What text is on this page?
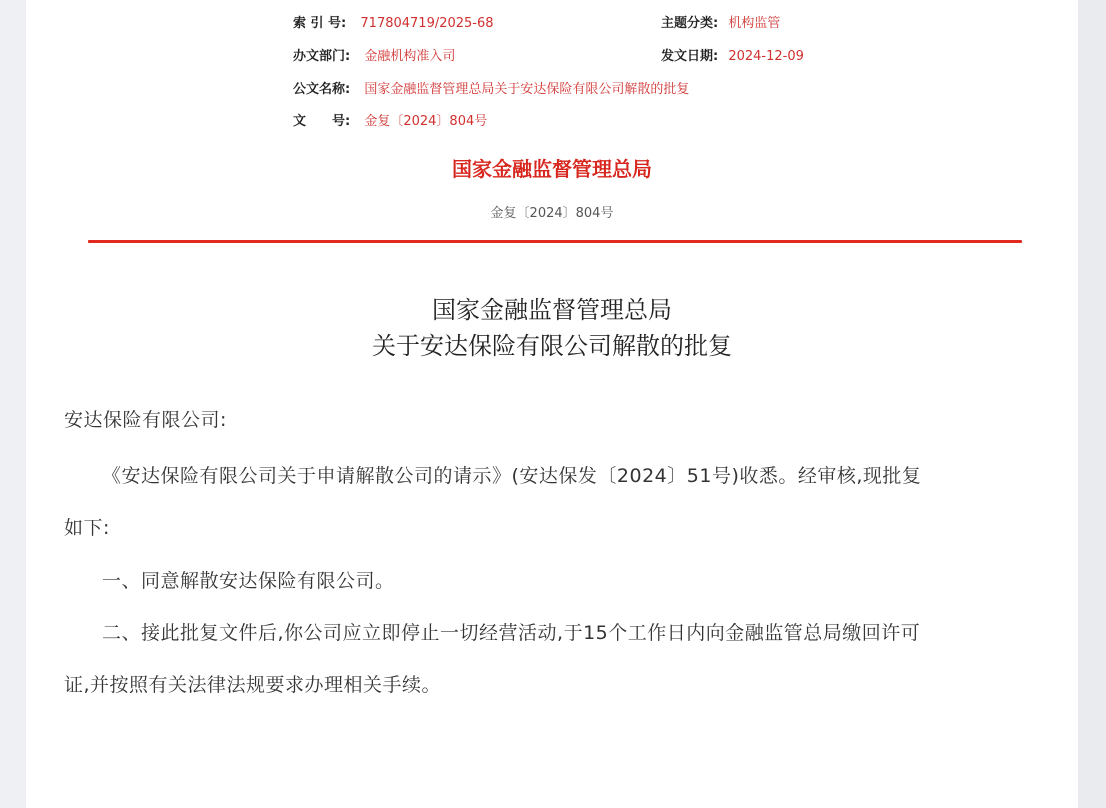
索 引 号: 717804719/2025-68	主题分类: 机构监管
办文部门: 金融机构准入司	发文日期: 2024-12-09
公文名称: 国家金融监督管理总局关于安达保险有限公司解散的批复
文　　号: 金复〔2024〕804号
国家金融监督管理总局
金复〔2024〕804号
国家金融监督管理总局
关于安达保险有限公司解散的批复
安达保险有限公司:
《安达保险有限公司关于申请解散公司的请示》(安达保发〔2024〕51号)收悉。经审核,现批复
如下:
一、同意解散安达保险有限公司。
二、接此批复文件后,你公司应立即停止一切经营活动,于15个工作日内向金融监管总局缴回许可
证,并按照有关法律法规要求办理相关手续。
